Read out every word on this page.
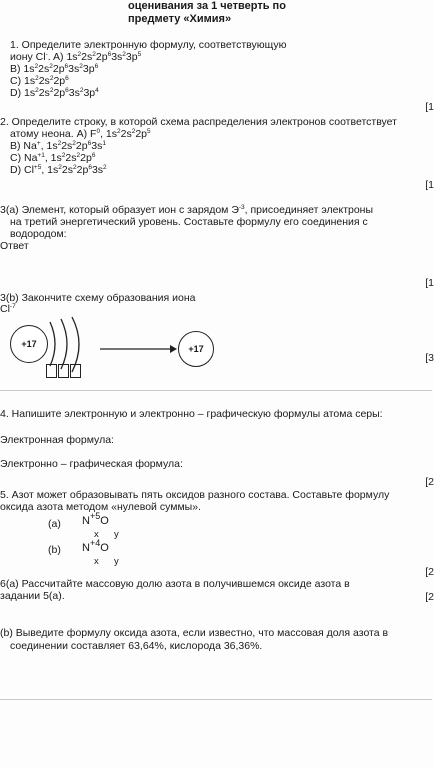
оценивания за 1 четверть по
предмету «Химия»
1. Определите электронную формулу, соответствующую
иону Cl-. A) $1s^22s^22p^63s^23p^5$
B) $1s^22s^22p^63s^23p^6$
C) $1s^22s^22p^6$
D) $1s^22s^22p^63s^23p^4$
[1
2. Определите строку, в которой схема распределения электронов соответствует
атому неона. A) $F^0$, $1s^22s^22p^5$
B) Na+, $1s^22s^22p^63s^1$
C) $Na^{+1}$, $1s^22s^22p^6$
D) $Cl^{+5}$, $1s^22s^22p^63s^2$
[1
3(a) Элемент, который образует ион с зарядом $Э^{-3}$, присоединяет электроны
на третий энергетический уровень. Составьте формулу его соединения с
водородом:
Ответ
[1
3(b) Закончите схему образования иона
$Cl^{-7}$
+17	+17
[3
4. Напишите электронную и электронно – графическую формулы атома серы:
Электронная формула:
Электронно – графическая формула:
[2
5. Азот может образовывать пять оксидов разного состава. Составьте формулу
оксида азота методом «нулевой суммы».
(a) $N^{+5}O$
x y
(b) $N^{+4}O$
x y
[2
6(a) Рассчитайте массовую долю азота в получившемся оксиде азота в
задании 5(a).	[2
(b) Выведите формулу оксида азота, если известно, что массовая доля азота в
соединении составляет 63,64%, кислорода 36,36%.
